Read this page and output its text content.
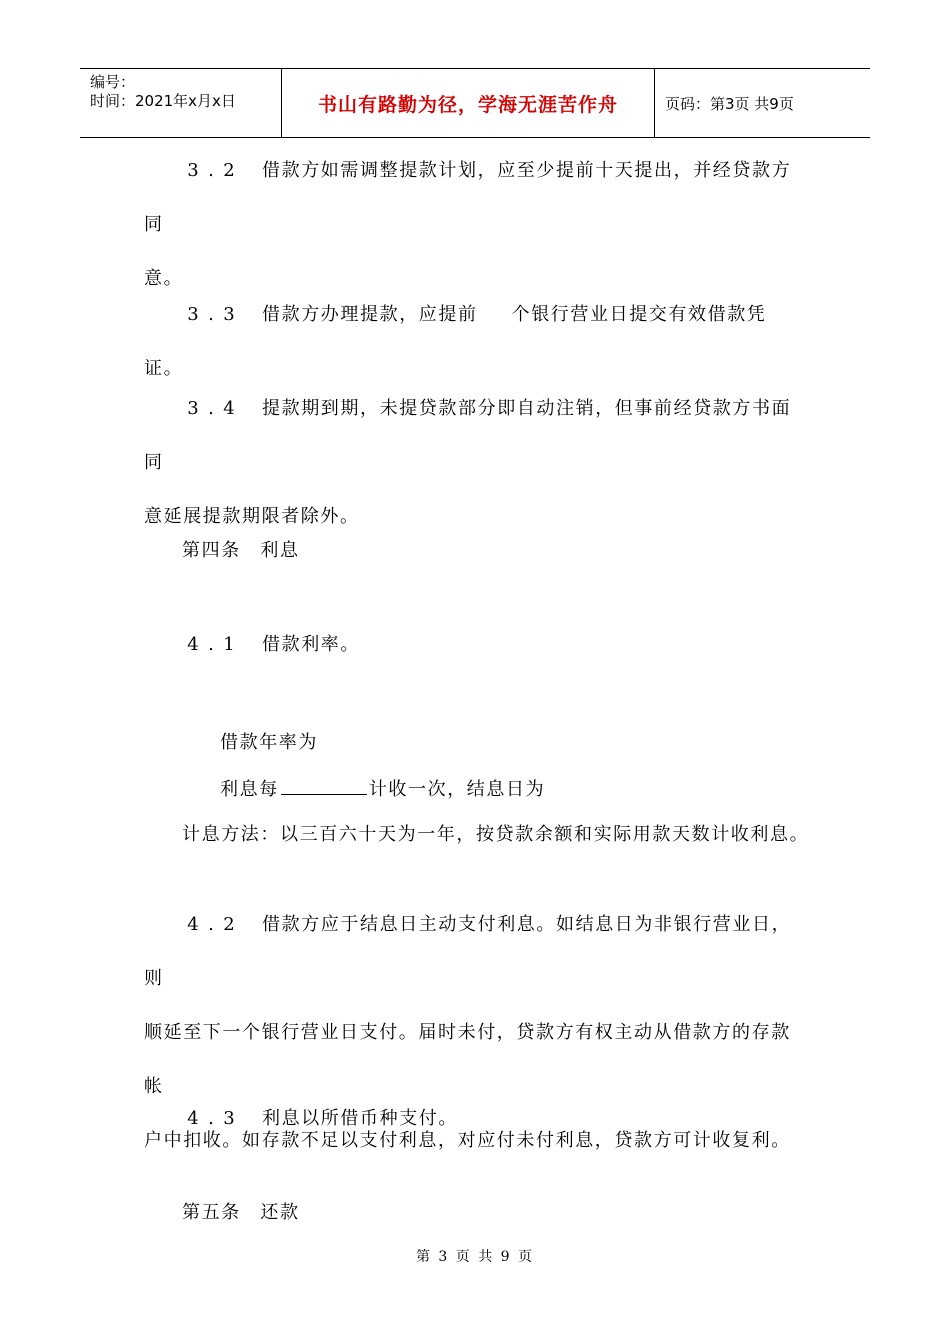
编号：
时间：2021年x月x日	书山有路勤为径，学海无涯苦作舟	页码：第3页 共9页
3 . 2 借款方如需调整提款计划，应至少提前十天提出，并经贷款方同
意。
3 . 3 借款方办理提款，应提前 个银行营业日提交有效借款凭证。
3 . 4 提款期到期，未提贷款部分即自动注销，但事前经贷款方书面同
意延展提款期限者除外。
第四条　利息
4 . 1 借款利率。
借款年率为
利息每	计收一次，结息日为
计息方法：以三百六十天为一年，按贷款余额和实际用款天数计收利息。
4 . 2 借款方应于结息日主动支付利息。如结息日为非银行营业日，则
顺延至下一个银行营业日支付。届时未付，贷款方有权主动从借款方的存款帐
户中扣收。如存款不足以支付利息，对应付未付利息，贷款方可计收复利。
4 . 3 利息以所借币种支付。
第五条　还款
第 3 页 共 9 页
